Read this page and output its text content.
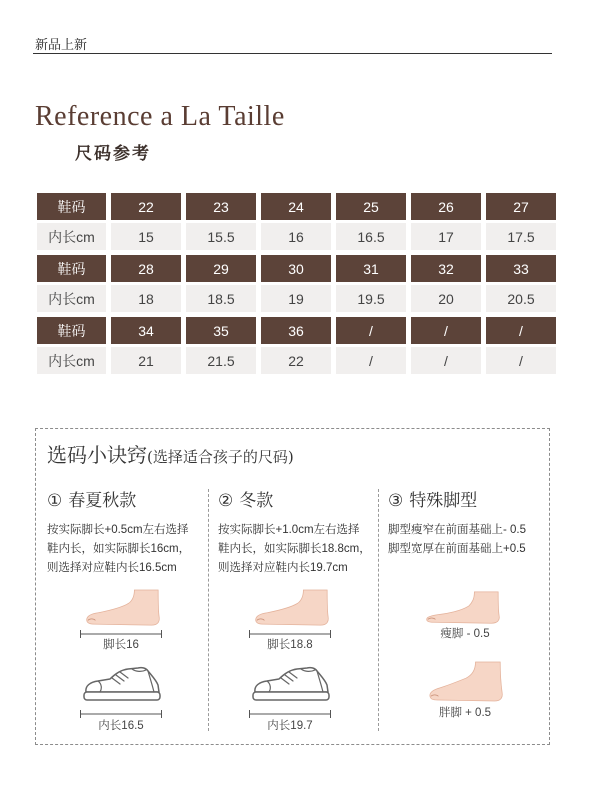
新品上新
Reference a La Taille
尺码参考
鞋码	22	23	24	25	26	27
内长cm	15	15.5	16	16.5	17	17.5
鞋码	28	29	30	31	32	33
内长cm	18	18.5	19	19.5	20	20.5
鞋码	34	35	36	/	/	/
内长cm	21	21.5	22	/	/	/
选码小诀窍(选择适合孩子的尺码)
① 春夏秋款
按实际脚长+0.5cm左右选择
鞋内长，如实际脚长16cm，
则选择对应鞋内长16.5cm
脚长16
内长16.5
② 冬款
按实际脚长+1.0cm左右选择
鞋内长，如实际脚长18.8cm，
则选择对应鞋内长19.7cm
脚长18.8
内长19.7
③ 特殊脚型
脚型瘦窄在前面基础上- 0.5
脚型宽厚在前面基础上+0.5
瘦脚 - 0.5
胖脚 + 0.5
